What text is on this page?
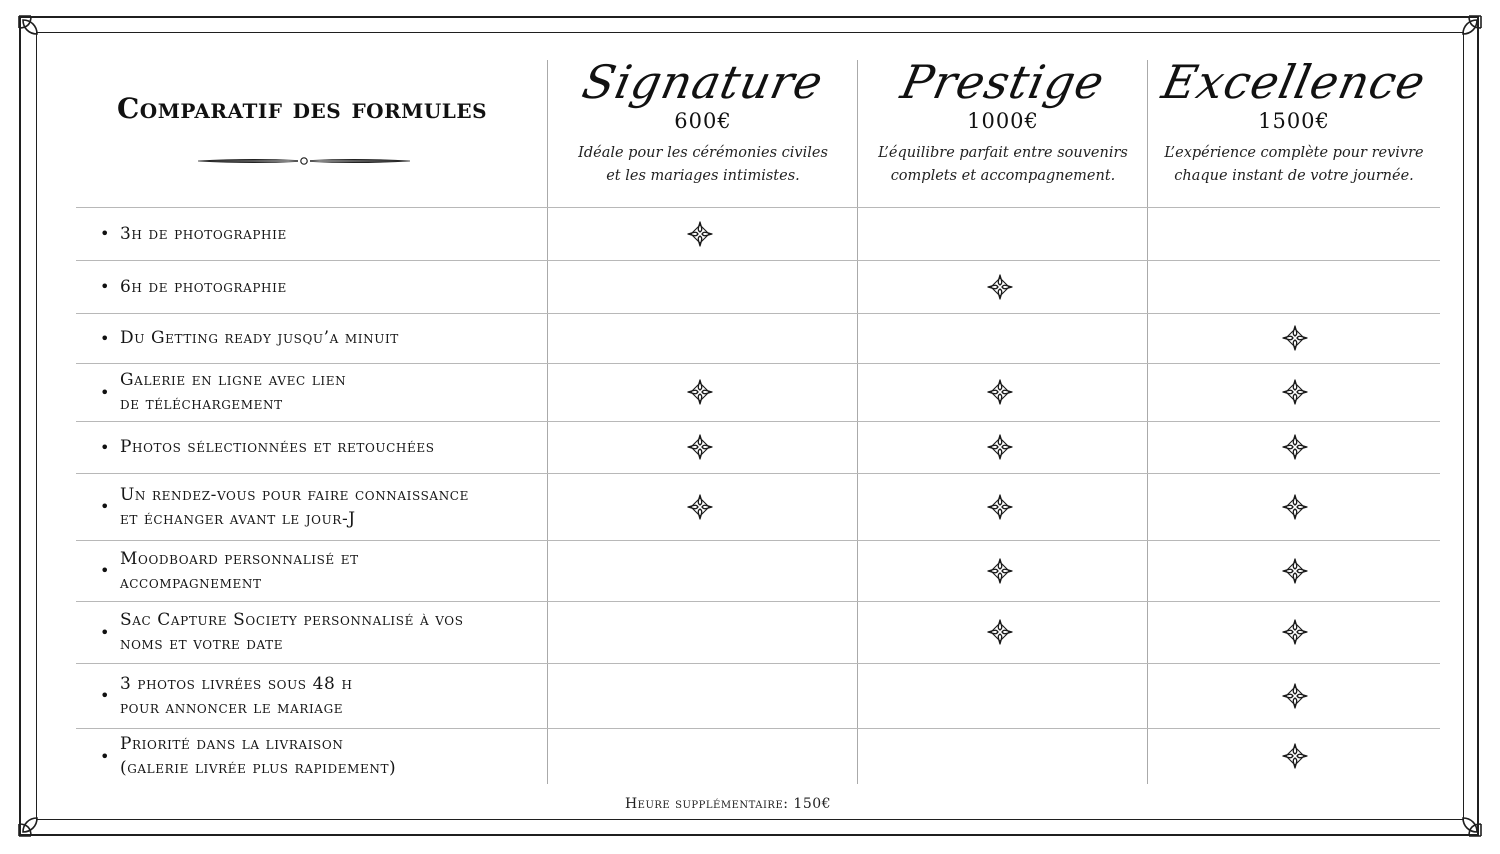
Comparatif des formules	Signature
600€
Idéale pour les cérémonies civiles
et les mariages intimistes.
Prestige
1000€
L’équilibre parfait entre souvenirs
complets et accompagnement.
Excellence
1500€
L’expérience complète pour revivre
chaque instant de votre journée.
• 3h de photographie
• 6h de photographie
• Du Getting ready jusqu’a minuit
•
Galerie en ligne avec lien
de téléchargement
• Photos sélectionnées et retouchées
•
Un rendez-vous pour faire connaissance
et échanger avant le jour-J
•
Moodboard personnalisé et
accompagnement
•
Sac Capture Society personnalisé à vos
noms et votre date
•
3 photos livrées sous 48 h
pour annoncer le mariage
•
Priorité dans la livraison
(galerie livrée plus rapidement)
Heure supplémentaire: 150€
